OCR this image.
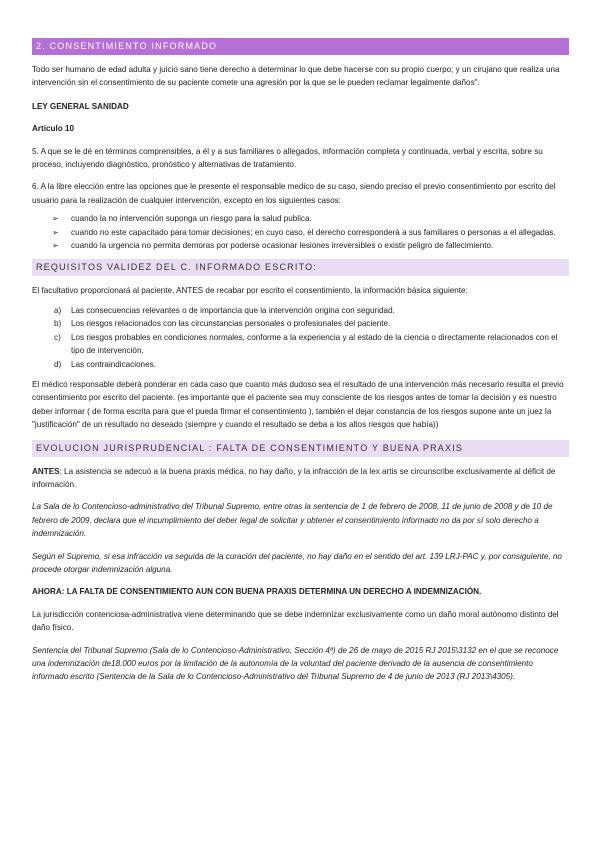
2. CONSENTIMIENTO INFORMADO

Todo ser humano de edad adulta y juicio sano tiene derecho a determinar lo que debe hacerse con su propio cuerpo; y un cirujano que realiza una intervención sin el consentimiento de su paciente comete una agresión por la que se le pueden reclamar legalmente daños".

LEY GENERAL SANIDAD

Artículo 10

5. A que se le dé en términos comprensibles, a él y a sus familiares o allegados, información completa y continuada, verbal y escrita, sobre su proceso, incluyendo diagnóstico, pronóstico y alternativas de tratamiento.

6. A la libre elección entre las opciones que le presente el responsable medico de su caso, siendo preciso el previo consentimiento por escrito del usuario para la realización de cualquier intervención, excepto en los siguientes casos:

➢ cuando la no intervención suponga un riesgo para la salud publica.
➢ cuando no este capacitado para tomar decisiones; en cuyo caso, el derecho corresponderá a sus familiares o personas a el allegadas.
➢ cuando la urgencia no permita demoras por poderse ocasionar lesiones irreversibles o existir peligro de fallecimiento.
REQUISITOS VALIDEZ DEL C. INFORMADO ESCRITO:

El facultativo proporcionará al paciente, ANTES de recabar por escrito el consentimiento, la información básica siguiente:

a) Las consecuencias relevantes o de importancia que la intervención origina con seguridad.
b) Los riesgos relacionados con las circunstancias personales o profesionales del paciente.
c) Los riesgos probables en condiciones normales, conforme a la experiencia y al estado de la ciencia o directamente relacionados con el tipo de intervención.
d) Las contraindicaciones.

El médico responsable deberá ponderar en cada caso que cuanto más dudoso sea el resultado de una intervención más necesario resulta el previo consentimiento por escrito del paciente. (es importante que el paciente sea muy consciente de los riesgos antes de tomar la decisión y es nuestro deber informar ( de forma escrita para que el pueda firmar el consentimiento ), también el dejar constancia de los riesgos supone ante un juez la "justificación" de un resultado no deseado (siempre y cuando el resultado se deba a los altos riesgos que había))

EVOLUCION JURISPRUDENCIAL : FALTA DE CONSENTIMIENTO Y BUENA PRAXIS

ANTES: La asistencia se adecuó a la buena praxis médica, no hay daño, y la infracción de la lex artis se circunscribe exclusivamente al déficit de información.

La Sala de lo Contencioso-administrativo del Tribunal Supremo, entre otras la sentencia de 1 de febrero de 2008, 11 de junio de 2008 y de 10 de febrero de 2009, declara que el incumplimiento del deber legal de solicitar y obtener el consentimiento informado no da por sí solo derecho a indemnización.

Según el Supremo, si esa infracción va seguida de la curación del paciente, no hay daño en el sentido del art. 139 LRJ-PAC y, por consiguiente, no procede otorgar indemnización alguna.

AHORA: LA FALTA DE CONSENTIMIENTO AUN CON BUENA PRAXIS DETERMINA UN DERECHO A INDEMNIZACIÓN.

La jurisdicción contenciosa-administrativa viene determinando que se debe indemnizar exclusivamente como un daño moral autónomo distinto del daño físico.

Sentencia del Tribunal Supremo (Sala de lo Contencioso-Administrativo, Sección 4ª) de 26 de mayo de 2015 RJ 2015\3132 en el que se reconoce una indemnización de18.000 euros por la limitación de la autonomía de la voluntad del paciente derivado de la ausencia de consentimiento informado escrito (Sentencia de la Sala de lo Contencioso-Administrativo del Tribunal Supremo de 4 de junio de 2013 (RJ 2013\4305).
